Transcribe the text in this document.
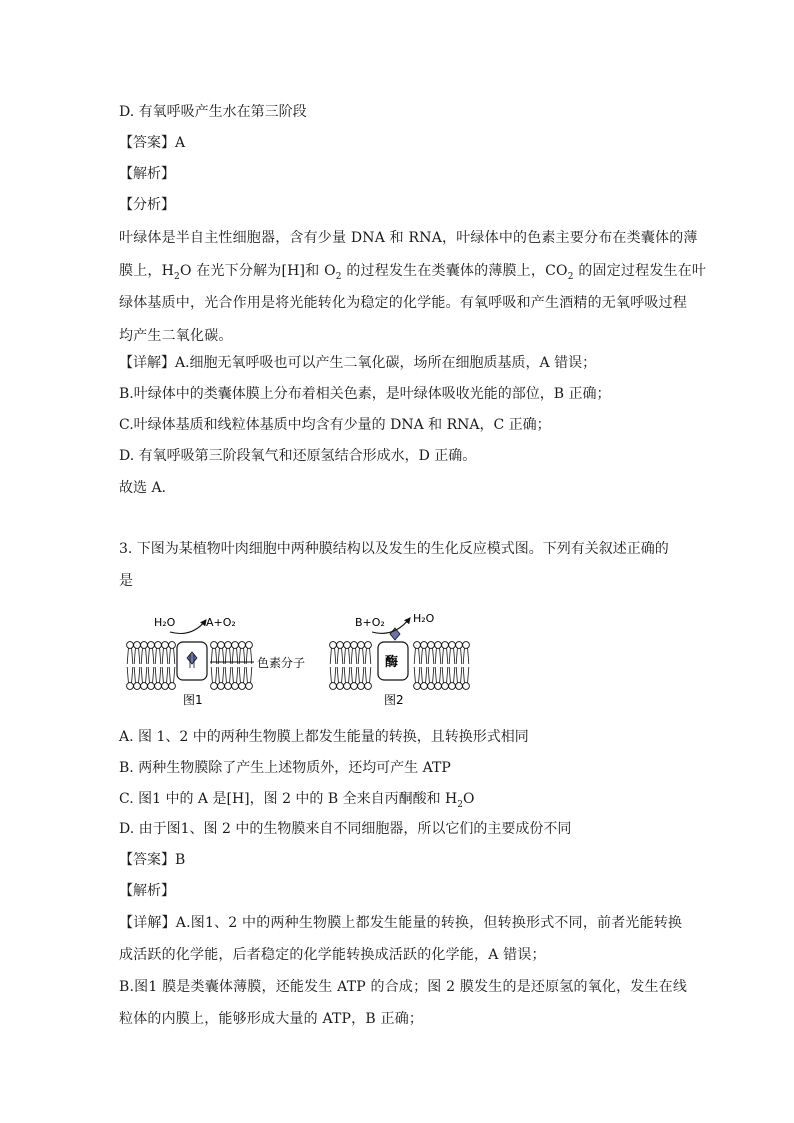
D. 有氧呼吸产生水在第三阶段
【答案】A
【解析】
【分析】
叶绿体是半自主性细胞器，含有少量 DNA 和 RNA，叶绿体中的色素主要分布在类囊体的薄
膜上，$H_2O$ 在光下分解为[H]和 $O_2$ 的过程发生在类囊体的薄膜上，$CO_2$ 的固定过程发生在叶
绿体基质中，光合作用是将光能转化为稳定的化学能。有氧呼吸和产生酒精的无氧呼吸过程
均产生二氧化碳。
【详解】A.细胞无氧呼吸也可以产生二氧化碳，场所在细胞质基质，A 错误；
B.叶绿体中的类囊体膜上分布着相关色素，是叶绿体吸收光能的部位，B 正确；
C.叶绿体基质和线粒体基质中均含有少量的 DNA 和 RNA，C 正确；
D. 有氧呼吸第三阶段氧气和还原氢结合形成水，D 正确。
故选 A.
3. 下图为某植物叶肉细胞中两种膜结构以及发生的生化反应模式图。下列有关叙述正确的
是
H₂O	A+O₂
色素分子
图1
酶
B+O₂	H₂O
图2
A. 图 1、2 中的两种生物膜上都发生能量的转换，且转换形式相同
B. 两种生物膜除了产生上述物质外，还均可产生 ATP
C. 图1 中的 A 是[H]，图 2 中的 B 全来自丙酮酸和 $H_2O$
D. 由于图1、图 2 中的生物膜来自不同细胞器，所以它们的主要成份不同
【答案】B
【解析】
【详解】A.图1、2 中的两种生物膜上都发生能量的转换，但转换形式不同，前者光能转换
成活跃的化学能，后者稳定的化学能转换成活跃的化学能，A 错误；
B.图1 膜是类囊体薄膜，还能发生 ATP 的合成；图 2 膜发生的是还原氢的氧化，发生在线
粒体的内膜上，能够形成大量的 ATP，B 正确；
